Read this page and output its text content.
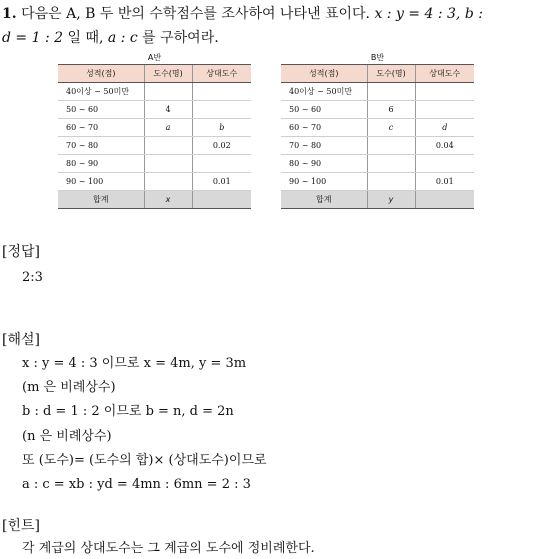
1. 다음은 A, B 두 반의 수학점수를 조사하여 나타낸 표이다. x : y = 4 : 3, b :
d = 1 : 2 일 때, a : c 를 구하여라.
A반
성적(점)	도수(명)	상대도수
40이상 ~ 50미만		
50 ~ 60	4	
60 ~ 70	a	b
70 ~ 80		0.02
80 ~ 90		
90 ~ 100		0.01
합계	x	
B반
성적(점)	도수(명)	상대도수
40이상 ~ 50미만		
50 ~ 60	6	
60 ~ 70	c	d
70 ~ 80		0.04
80 ~ 90		
90 ~ 100		0.01
합계	y	
[정답]
2:3
[해설]
x : y = 4 : 3 이므로 x = 4m, y = 3m
(m 은 비례상수)
b : d = 1 : 2 이므로 b = n, d = 2n
(n 은 비례상수)
또 (도수)= (도수의 합)× (상대도수)이므로
a : c = xb : yd = 4mn : 6mn = 2 : 3
[힌트]
각 계급의 상대도수는 그 계급의 도수에 정비례한다.
